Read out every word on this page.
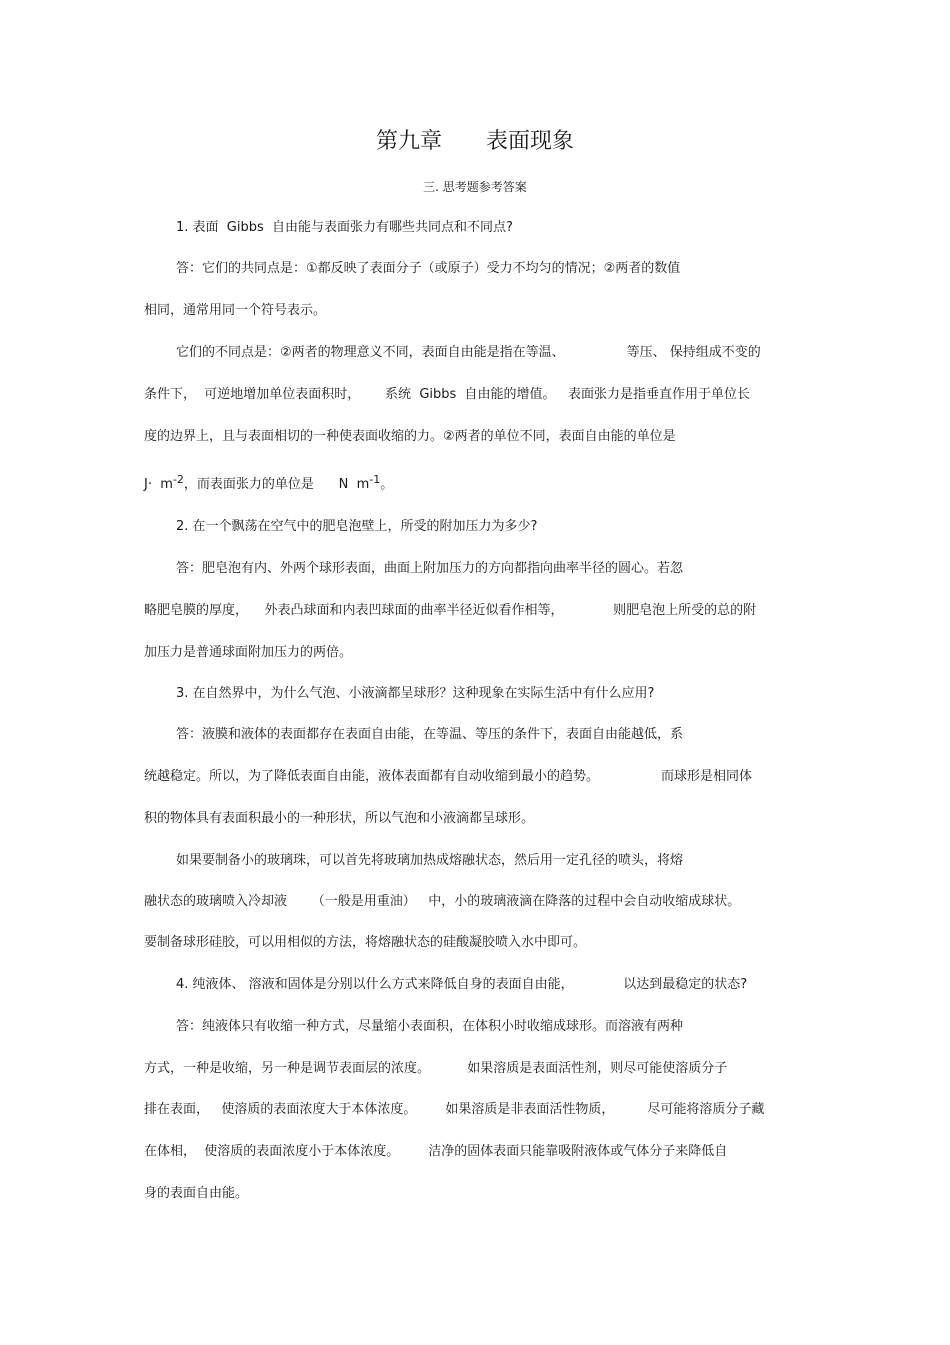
第九章　　表面现象
三. 思考题参考答案
1. 表面  Gibbs  自由能与表面张力有哪些共同点和不同点?
答：它们的共同点是：①都反映了表面分子（或原子）受力不均匀的情况；②两者的数值
相同，通常用同一个符号表示。
它们的不同点是：②两者的物理意义不同，表面自由能是指在等温、               等压、 保持组成不变的
条件下，  可逆地增加单位表面积时，      系统  Gibbs  自由能的增值。   表面张力是指垂直作用于单位长
度的边界上，且与表面相切的一种使表面收缩的力。②两者的单位不同，表面自由能的单位是
$J\cdot m^{-2}$，而表面张力的单位是      N  $m^{-1}$。
2. 在一个飘荡在空气中的肥皂泡壁上，所受的附加压力为多少?
答：肥皂泡有内、外两个球形表面，曲面上附加压力的方向都指向曲率半径的圆心。若忽
略肥皂膜的厚度，    外表凸球面和内表凹球面的曲率半径近似看作相等，            则肥皂泡上所受的总的附
加压力是普通球面附加压力的两倍。
3. 在自然界中，为什么气泡、小液滴都呈球形？这种现象在实际生活中有什么应用?
答：液膜和液体的表面都存在表面自由能，在等温、等压的条件下，表面自由能越低，系
统越稳定。所以，为了降低表面自由能，液体表面都有自动收缩到最小的趋势。               而球形是相同体
积的物体具有表面积最小的一种形状，所以气泡和小液滴都呈球形。
如果要制备小的玻璃珠，可以首先将玻璃加热成熔融状态，然后用一定孔径的喷头，将熔
融状态的玻璃喷入冷却液      （一般是用重油）   中，小的玻璃液滴在降落的过程中会自动收缩成球状。
要制备球形硅胶，可以用相似的方法，将熔融状态的硅酸凝胶喷入水中即可。
4. 纯液体、 溶液和固体是分别以什么方式来降低自身的表面自由能，            以达到最稳定的状态?
答：纯液体只有收缩一种方式，尽量缩小表面积，在体积小时收缩成球形。而溶液有两种
方式，一种是收缩，另一种是调节表面层的浓度。         如果溶质是表面活性剂，则尽可能使溶质分子
排在表面，   使溶质的表面浓度大于本体浓度。       如果溶质是非表面活性物质，        尽可能将溶质分子藏
在体相，  使溶质的表面浓度小于本体浓度。       洁净的固体表面只能靠吸附液体或气体分子来降低自
身的表面自由能。
